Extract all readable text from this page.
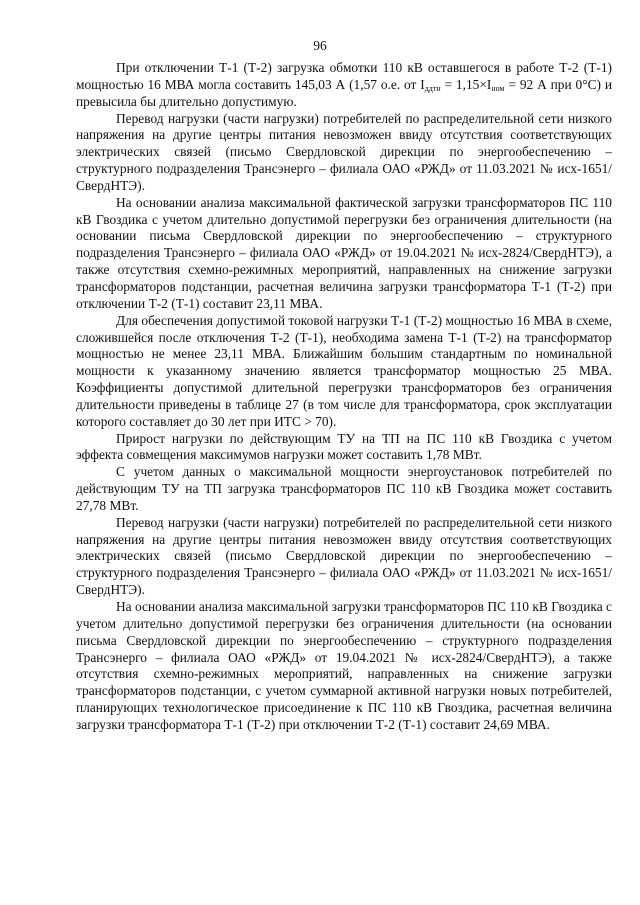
96

При отключении Т-1 (Т-2) загрузка обмотки 110 кВ оставшегося в работе Т-2 (Т-1) мощностью 16 МВА могла составить 145,03 А (1,57 о.е. от $I_{ддтн} = 1,15\times I_{ном} = 92$ А при 0°С) и превысила бы длительно допустимую.

Перевод нагрузки (части нагрузки) потребителей по распределительной сети низкого напряжения на другие центры питания невозможен ввиду отсутствия соответствующих электрических связей (письмо Свердловской дирекции по энергообеспечению – структурного подразделения Трансэнерго – филиала ОАО «РЖД» от 11.03.2021 № исх-1651/СвердНТЭ).

На основании анализа максимальной фактической загрузки трансформаторов ПС 110 кВ Гвоздика с учетом длительно допустимой перегрузки без ограничения длительности (на основании письма Свердловской дирекции по энергообеспечению – структурного подразделения Трансэнерго – филиала ОАО «РЖД» от 19.04.2021 № исх-2824/СвердНТЭ), а также отсутствия схемно-режимных мероприятий, направленных на снижение загрузки трансформаторов подстанции, расчетная величина загрузки трансформатора Т-1 (Т-2) при отключении Т-2 (Т-1) составит 23,11 МВА.

Для обеспечения допустимой токовой нагрузки Т-1 (Т-2) мощностью 16 МВА в схеме, сложившейся после отключения Т-2 (Т-1), необходима замена Т-1 (Т-2) на трансформатор мощностью не менее 23,11 МВА. Ближайшим большим стандартным по номинальной мощности к указанному значению является трансформатор мощностью 25 МВА. Коэффициенты допустимой длительной перегрузки трансформаторов без ограничения длительности приведены в таблице 27 (в том числе для трансформатора, срок эксплуатации которого составляет до 30 лет при ИТС > 70).

Прирост нагрузки по действующим ТУ на ТП на ПС 110 кВ Гвоздика с учетом эффекта совмещения максимумов нагрузки может составить 1,78 МВт.

С учетом данных о максимальной мощности энергоустановок потребителей по действующим ТУ на ТП загрузка трансформаторов ПС 110 кВ Гвоздика может составить 27,78 МВт.

Перевод нагрузки (части нагрузки) потребителей по распределительной сети низкого напряжения на другие центры питания невозможен ввиду отсутствия соответствующих электрических связей (письмо Свердловской дирекции по энергообеспечению – структурного подразделения Трансэнерго – филиала ОАО «РЖД» от 11.03.2021 № исх-1651/СвердНТЭ).

На основании анализа максимальной загрузки трансформаторов ПС 110 кВ Гвоздика с учетом длительно допустимой перегрузки без ограничения длительности (на основании письма Свердловской дирекции по энергообеспечению – структурного подразделения Трансэнерго – филиала ОАО «РЖД» от 19.04.2021 № исх-2824/СвердНТЭ), а также отсутствия схемно-режимных мероприятий, направленных на снижение загрузки трансформаторов подстанции, с учетом суммарной активной нагрузки новых потребителей, планирующих технологическое присоединение к ПС 110 кВ Гвоздика, расчетная величина загрузки трансформатора Т-1 (Т-2) при отключении Т-2 (Т-1) составит 24,69 МВА.
